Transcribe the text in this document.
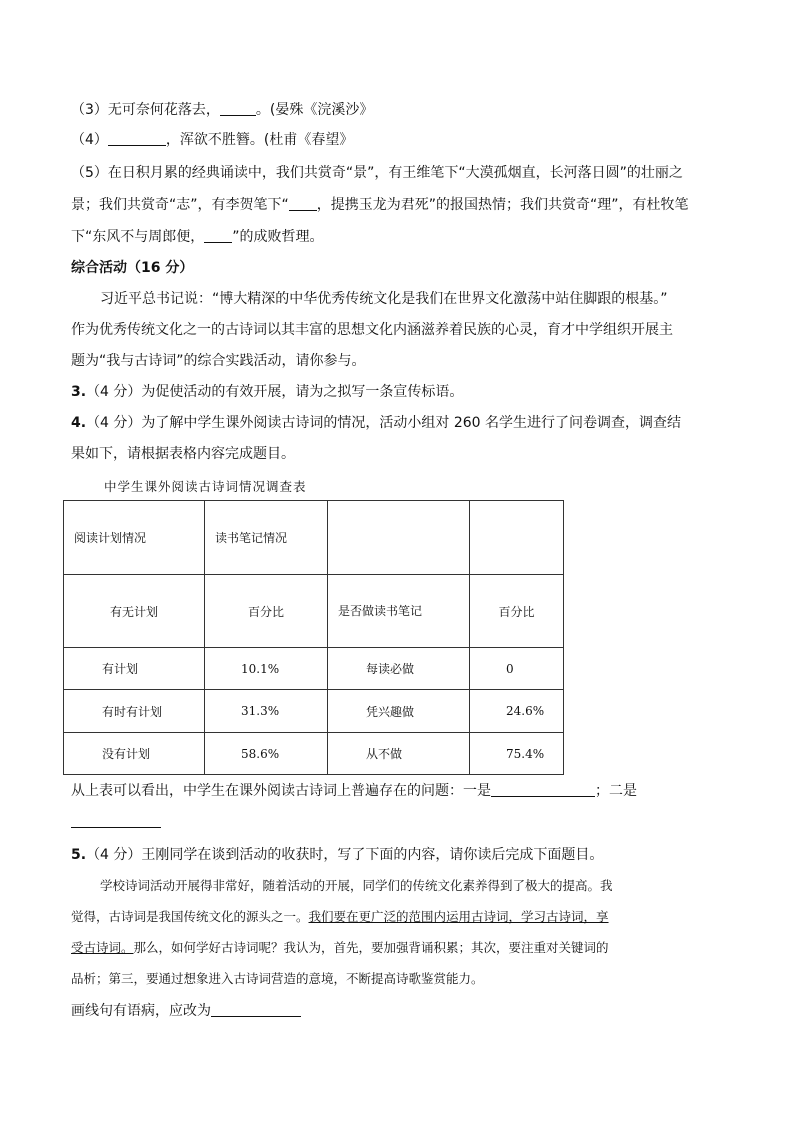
（3）无可奈何花落去，	。(晏殊《浣溪沙》
（4）	，浑欲不胜簪。(杜甫《春望》
（5）在日积月累的经典诵读中，我们共赏奇“景”，有王维笔下“大漠孤烟直，长河落日圆”的壮丽之
景；我们共赏奇“志”，有李贺笔下“ ，提携玉龙为君死”的报国热情；我们共赏奇“理”，有杜牧笔
下“东风不与周郎便， ”的成败哲理。
综合活动（16 分）
习近平总书记说：“博大精深的中华优秀传统文化是我们在世界文化激荡中站住脚跟的根基。”
作为优秀传统文化之一的古诗词以其丰富的思想文化内涵滋养着民族的心灵，育才中学组织开展主
题为“我与古诗词”的综合实践活动，请你参与。
3.（4 分）为促使活动的有效开展，请为之拟写一条宣传标语。
4.（4 分）为了解中学生课外阅读古诗词的情况，活动小组对 260 名学生进行了问卷调查，调查结
果如下，请根据表格内容完成题目。
中学生课外阅读古诗词情况调查表
阅读计划情况	读书笔记情况		
有无计划	百分比	是否做读书笔记	百分比
有计划	10.1%	每读必做	0
有时有计划	31.3%	凭兴趣做	24.6%
没有计划	58.6%	从不做	75.4%
从上表可以看出，中学生在课外阅读古诗词上普遍存在的问题：一是	；二是
5.（4 分）王刚同学在谈到活动的收获时，写了下面的内容，请你读后完成下面题目。
学校诗词活动开展得非常好，随着活动的开展，同学们的传统文化素养得到了极大的提高。我
觉得，古诗词是我国传统文化的源头之一。我们要在更广泛的范围内运用古诗词，学习古诗词，享
受古诗词。那么，如何学好古诗词呢？我认为，首先，要加强背诵积累；其次，要注重对关键词的
品析；第三，要通过想象进入古诗词营造的意境，不断提高诗歌鉴赏能力。
画线句有语病，应改为
